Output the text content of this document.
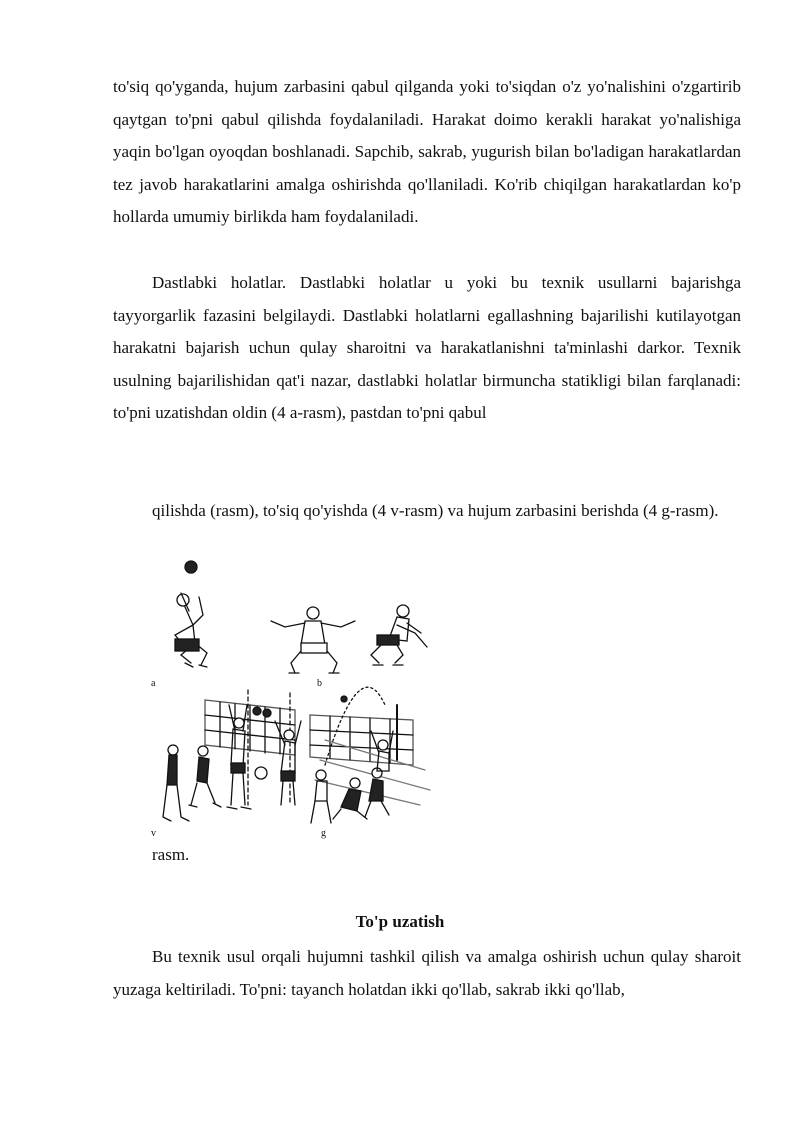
to'siq qo'yganda, hujum zarbasini qabul qilganda yoki to'siqdan o'z yo'nalishini o'zgartirib qaytgan to'pni qabul qilishda foydalaniladi. Harakat doimo kerakli harakat yo'nalishiga yaqin bo'lgan oyoqdan boshlanadi. Sapchib, sakrab, yugurish bilan bo'ladigan harakatlardan tez javob harakatlarini amalga oshirishda qo'llaniladi. Ko'rib chiqilgan harakatlardan ko'p hollarda umumiy birlikda ham foydalaniladi.

Dastlabki holatlar. Dastlabki holatlar u yoki bu texnik usullarni bajarishga tayyorgarlik fazasini belgilaydi. Dastlabki holatlarni egallashning bajarilishi kutilayotgan harakatni bajarish uchun qulay sharoitni va harakatlanishni ta'minlashi darkor. Texnik usulning bajarilishidan qat'i nazar, dastlabki holatlar birmuncha statikligi bilan farqlanadi: to'pni uzatishdan oldin (4 a-rasm), pastdan to'pni qabul

qilishda (rasm), to'siq qo'yishda (4 v-rasm) va hujum zarbasini berishda (4 g-rasm).

a	b
v	g
rasm.
To'p uzatish

Bu texnik usul orqali hujumni tashkil qilish va amalga oshirish uchun qulay sharoit yuzaga keltiriladi. To'pni: tayanch holatdan ikki qo'llab, sakrab ikki qo'llab,
